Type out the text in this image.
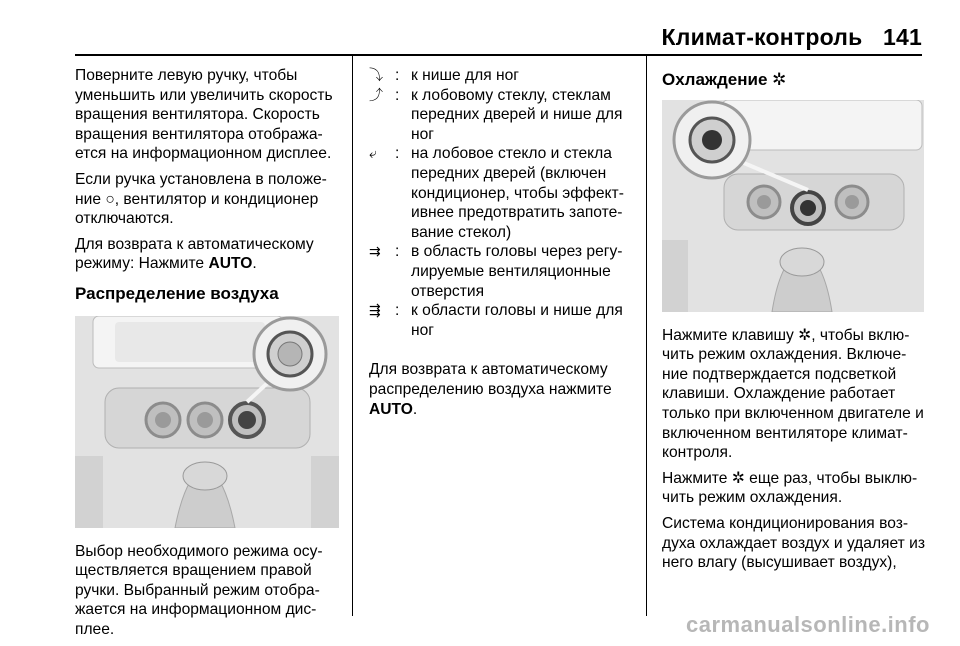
Климат-контроль 141

Поверните левую ручку, чтобы уменьшить или увеличить скорость вращения вентилятора. Скорость вращения вентилятора отобража-ется на информационном дисплее.

Если ручка установлена в положе-ние ○, вентилятор и кондиционер отключаются.

Для возврата к автоматическому режиму: Нажмите AUTO.

Распределение воздуха

Выбор необходимого режима осу-ществляется вращением правой ручки. Выбранный режим отобра-жается на информационном дис-плее.

⤵ : к нише для ног
⤴ : к лобовому стеклу, стеклам передних дверей и нише для ног
⤶	: на лобовое стекло и стекла передних дверей (включен кондиционер, чтобы эффект-ивнее предотвратить запоте-вание стекол)
⇉ : в область головы через регу-лируемые вентиляционные отверстия
⇶ : к области головы и нише для ног

Для возврата к автоматическому распределению воздуха нажмите AUTO.

Охлаждение ✲

Нажмите клавишу ✲, чтобы вклю-чить режим охлаждения. Включе-ние подтверждается подсветкой клавиши. Охлаждение работает только при включенном двигателе и включенном вентиляторе климат-контроля.

Нажмите ✲ еще раз, чтобы выклю-чить режим охлаждения.

Система кондиционирования воз-духа охлаждает воздух и удаляет из него влагу (высушивает воздух),

carmanualsonline.info
